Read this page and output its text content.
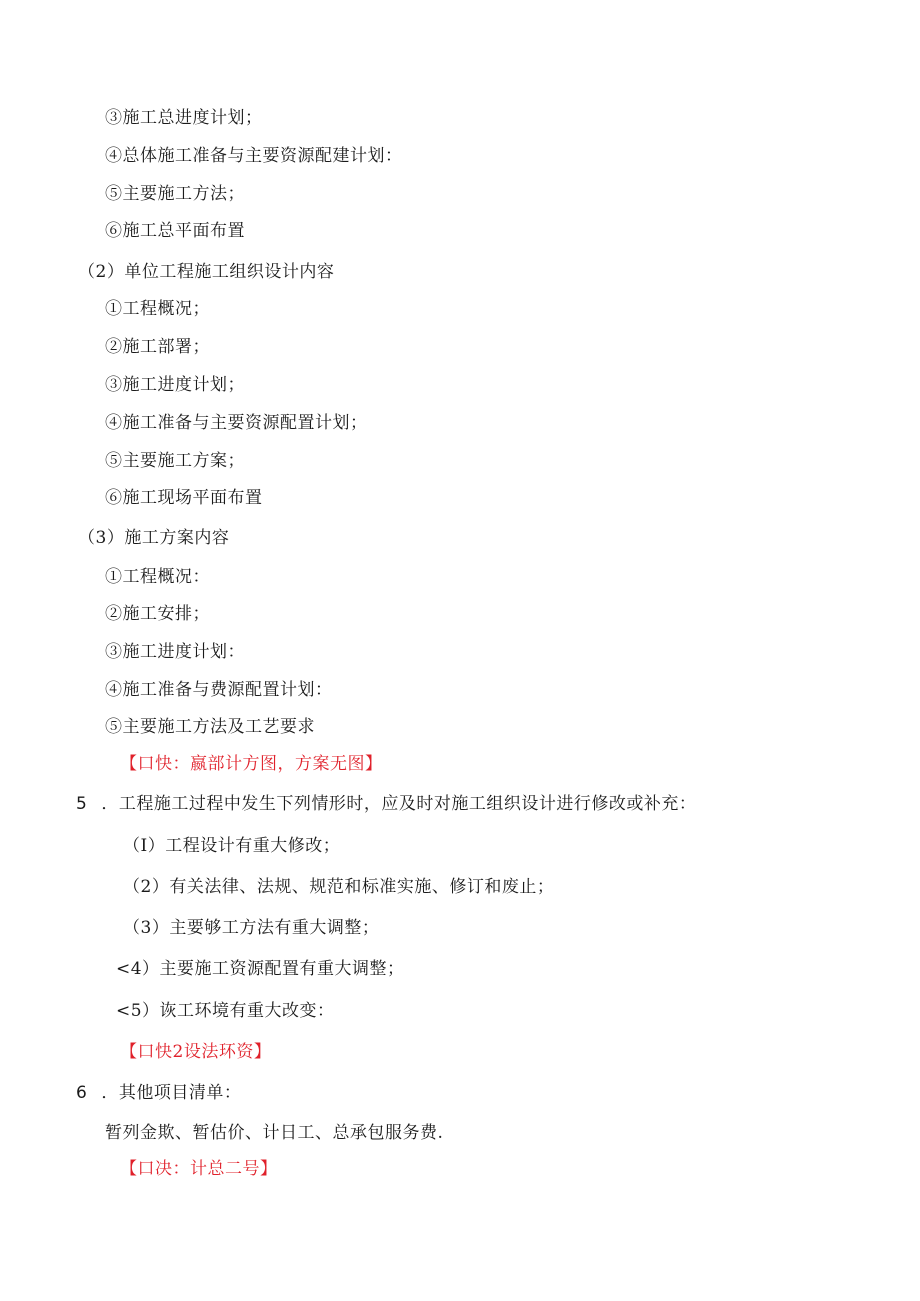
③施工总进度计划；
④总体施工准备与主要资源配建计划：
⑤主要施工方法；
⑥施工总平面布置
（2）单位工程施工组织设计内容
①工程概况；
②施工部署；
③施工进度计划；
④施工准备与主要资源配置计划；
⑤主要施工方案；
⑥施工现场平面布置
（3）施工方案内容
①工程概况：
②施工安排；
③施工进度计划：
④施工准备与费源配置计划：
⑤主要施工方法及工艺要求
【口快：嬴部计方图，方案无图】
5 ．工程施工过程中发生下列情形时，应及时对施工组织设计进行修改或补充：
（I）工程设计有重大修改；
（2）有关法律、法规、规范和标准实施、修订和废止；
（3）主要够工方法有重大调整；
<4）主要施工资源配置有重大调整；
<5）诙工环境有重大改变：
【口快2设法环资】
6 ．其他项目清单：
暂列金欺、暂估价、计日工、总承包服务费.
【口决：计总二号】
